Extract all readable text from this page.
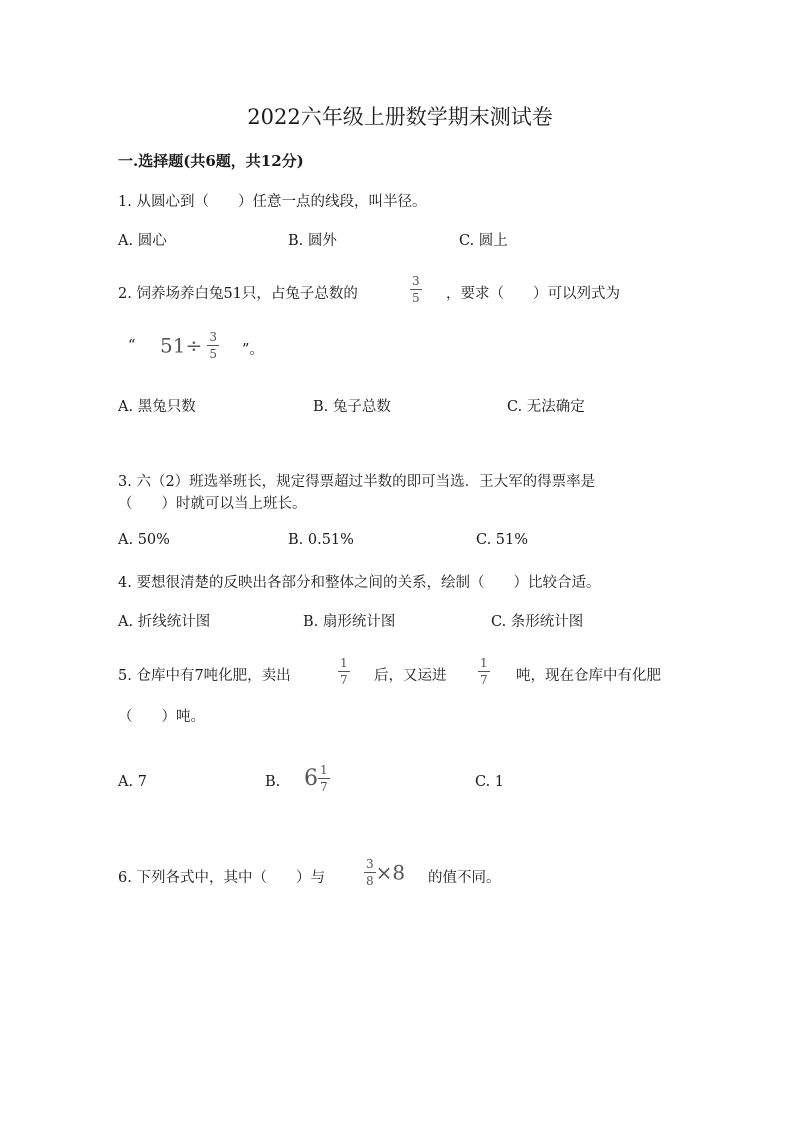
2022六年级上册数学期末测试卷
一.选择题(共6题，共12分)
1. 从圆心到（　　）任意一点的线段，叫半径。
A. 圆心	B. 圆外	C. 圆上
2. 饲养场养白兔51只，占兔子总数的	$\frac{3}{5}$ ，要求（　　）可以列式为
“ $51\div \frac{3}{5}$ ”。
A. 黑兔只数	B. 兔子总数	C. 无法确定
3. 六（2）班选举班长，规定得票超过半数的即可当选．王大军的得票率是
（　　）时就可以当上班长。
A. 50%	B. 0.51%	C. 51%
4. 要想很清楚的反映出各部分和整体之间的关系，绘制（　　）比较合适。
A. 折线统计图	B. 扇形统计图	C. 条形统计图
5. 仓库中有7吨化肥，卖出	$\frac{1}{7}$ 后，又运进	$\frac{1}{7}$ 吨，现在仓库中有化肥
（　　）吨。
A. 7	B. $6 \frac{1}{7}$	C. 1
6. 下列各式中，其中（　　）与	$\frac{3}{8} \times 8$ 的值不同。
